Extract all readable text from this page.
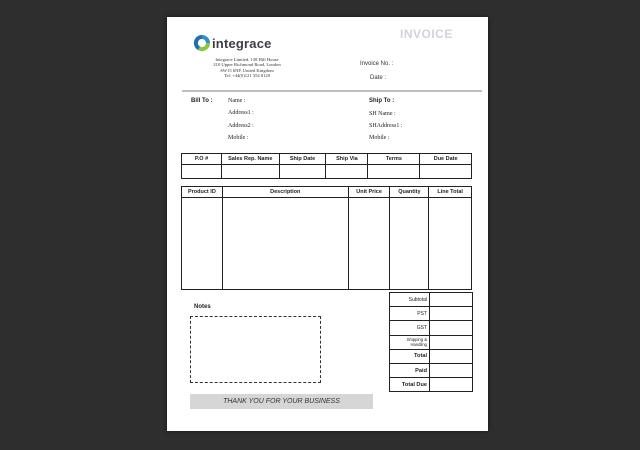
INVOICE
integrace
Integrace Limited, 138 Hill House
210 Upper Richmond Road, London
SW15 6NP, United Kingdom
Tel: +44(0)121 354 8120
Invoice No. :
Date :
Bill To :	Name :
Address1 :
Address2 :
Mobile :
Ship To :
SH Name :
SHAddress1 :
Mobile :
P.O #	Sales Rep. Name	Ship Date	Ship Via	Terms	Due Date

Product ID	Description	Unit Price	Quantity	Line Total

Subtotal	
PST	
GST	
Shipping & Handling	
Total	
Paid	
Total Due	
Notes
THANK YOU FOR YOUR BUSINESS
